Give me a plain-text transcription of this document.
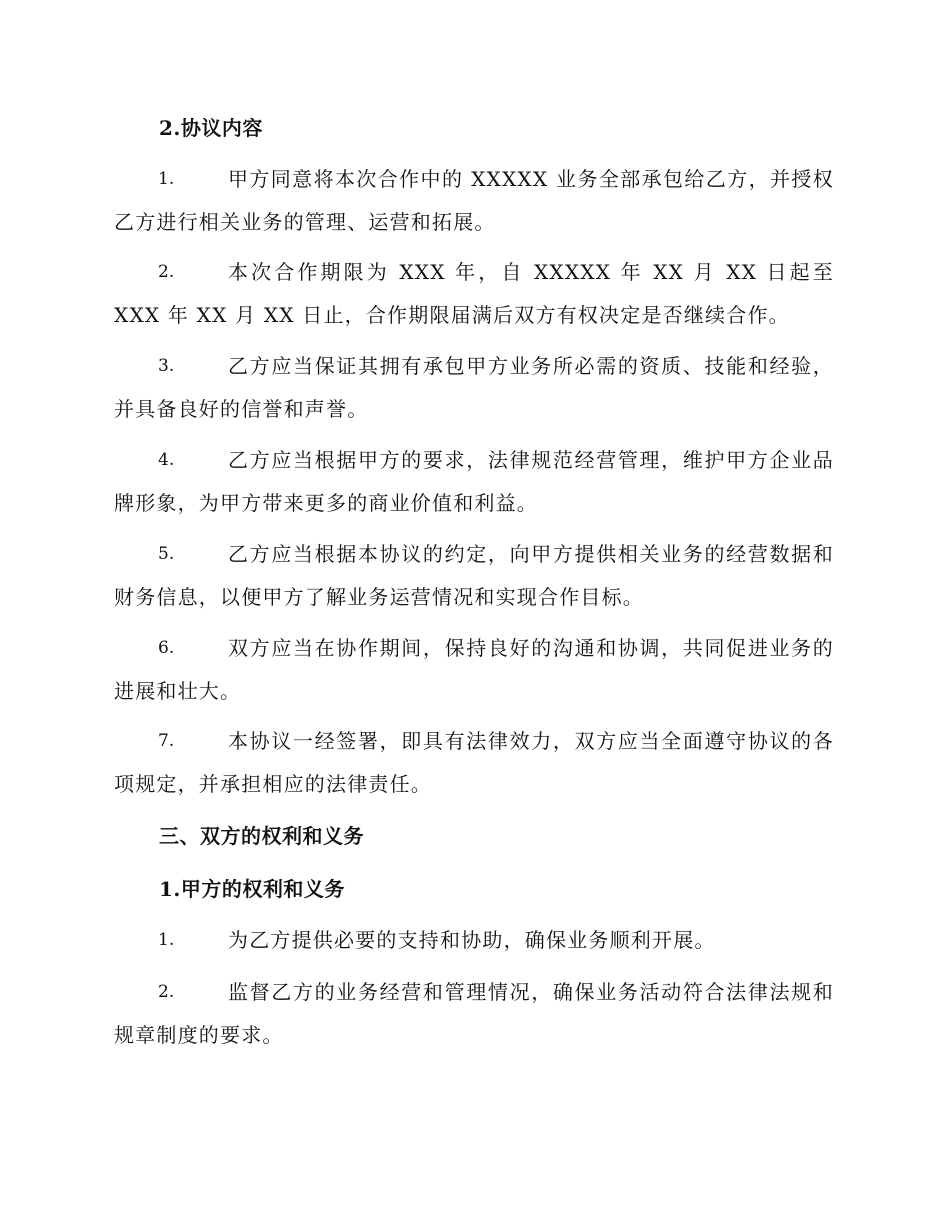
2.协议内容
1.	甲方同意将本次合作中的 XXXXX 业务全部承包给乙方，并授权乙方进行相关业务的管理、运营和拓展。
2.	本次合作期限为 XXX 年，自 XXXXX 年 XX 月 XX 日起至 XXX 年 XX 月 XX 日止，合作期限届满后双方有权决定是否继续合作。
3.	乙方应当保证其拥有承包甲方业务所必需的资质、技能和经验，并具备良好的信誉和声誉。
4.	乙方应当根据甲方的要求，法律规范经营管理，维护甲方企业品牌形象，为甲方带来更多的商业价值和利益。
5.	乙方应当根据本协议的约定，向甲方提供相关业务的经营数据和财务信息，以便甲方了解业务运营情况和实现合作目标。
6.	双方应当在协作期间，保持良好的沟通和协调，共同促进业务的进展和壮大。
7.	本协议一经签署，即具有法律效力，双方应当全面遵守协议的各项规定，并承担相应的法律责任。
三、双方的权利和义务
1.甲方的权利和义务
1.	为乙方提供必要的支持和协助，确保业务顺利开展。
2.	监督乙方的业务经营和管理情况，确保业务活动符合法律法规和规章制度的要求。
